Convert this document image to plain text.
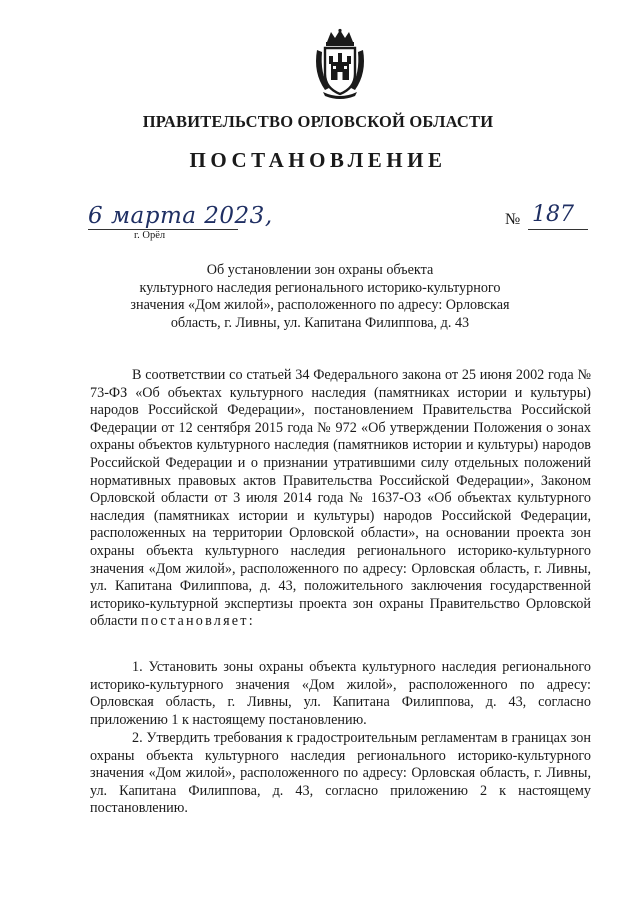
ПРАВИТЕЛЬСТВО ОРЛОВСКОЙ ОБЛАСТИ
ПОСТАНОВЛЕНИЕ
6 марта 2023,
г. Орёл
№ 187
Об установлении зон охраны объекта
культурного наследия регионального историко-культурного
значения «Дом жилой», расположенного по адресу: Орловская
область, г. Ливны, ул. Капитана Филиппова, д. 43
В соответствии со статьей 34 Федерального закона от 25 июня 2002 года № 73-ФЗ «Об объектах культурного наследия (памятниках истории и культуры) народов Российской Федерации», постановлением Правительства Российской Федерации от 12 сентября 2015 года № 972 «Об утверждении Положения о зонах охраны объектов культурного наследия (памятников истории и культуры) народов Российской Федерации и о признании утратившими силу отдельных положений нормативных правовых актов Правительства Российской Федерации», Законом Орловской области от 3 июля 2014 года № 1637-ОЗ «Об объектах культурного наследия (памятниках истории и культуры) народов Российской Федерации, расположенных на территории Орловской области», на основании проекта зон охраны объекта культурного наследия регионального историко-культурного значения «Дом жилой», расположенного по адресу: Орловская область, г. Ливны, ул. Капитана Филиппова, д. 43, положительного заключения государственной историко-культурной экспертизы проекта зон охраны Правительство Орловской области постановляет:
1. Установить зоны охраны объекта культурного наследия регионального историко-культурного значения «Дом жилой», расположенного по адресу: Орловская область, г. Ливны, ул. Капитана Филиппова, д. 43, согласно приложению 1 к настоящему постановлению.
2. Утвердить требования к градостроительным регламентам в границах зон охраны объекта культурного наследия регионального историко-культурного значения «Дом жилой», расположенного по адресу: Орловская область, г. Ливны, ул. Капитана Филиппова, д. 43, согласно приложению 2 к настоящему постановлению.
